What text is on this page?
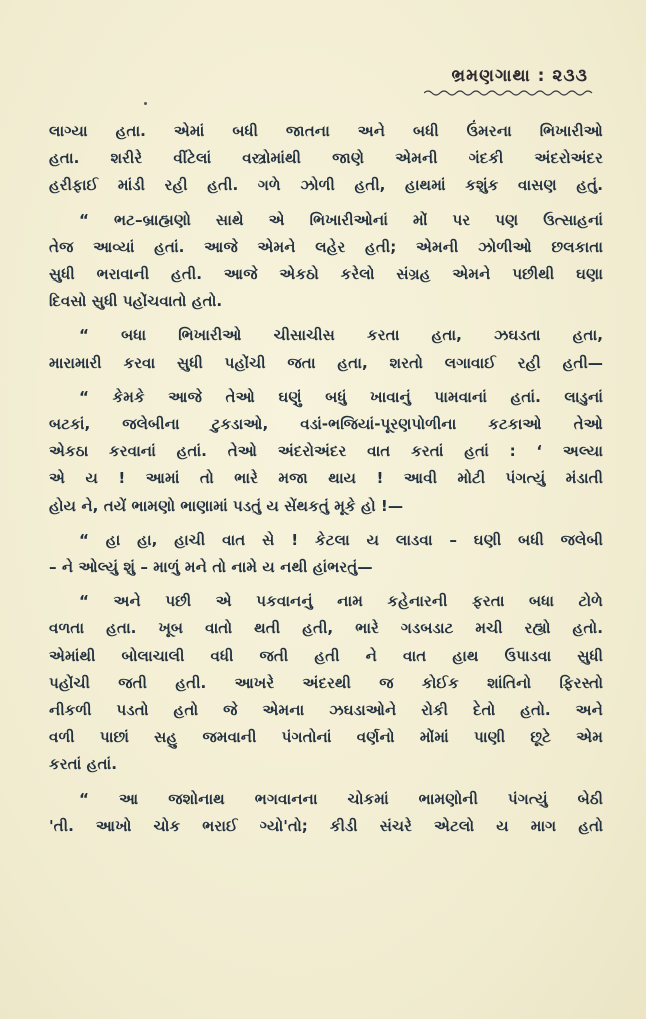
ભ્રમણગાથા : ૨૩૩
લાગ્યા હતા. એમાં બધી જાતના અને બધી ઉંમરના ભિખારીઓ
હતા. શરીરે વીંટેલાં વસ્ત્રોમાંથી જાણે એમની ગંદકી અંદરોઅંદર
હરીફાઈ માંડી રહી હતી. ગળે ઝોળી હતી, હાથમાં કશુંક વાસણ હતું.
“ ભટ–બ્રાહ્મણો સાથે એ ભિખારીઓનાં મોં પર પણ ઉત્સાહનાં
તેજ આવ્યાં હતાં. આજે એમને લહેર હતી; એમની ઝોળીઓ છલકાતા
સુધી ભરાવાની હતી. આજે એકઠો કરેલો સંગ્રહ એમને પછીથી ઘણા
દિવસો સુધી પહોંચવાતો હતો.
“ બધા ભિખારીઓ ચીસાચીસ કરતા હતા, ઝઘડતા હતા,
મારામારી કરવા સુધી પહોંચી જતા હતા, શરતો લગાવાઈ રહી હતી—
“ કેમકે આજે તેઓ ઘણું બધું ખાવાનું પામવાનાં હતાં. લાડુનાં
બટકાં, જલેબીના ટુકડાઓ, વડાં-ભજિયાં-પૂરણપોળીના કટકાઓ તેઓ
એકઠા કરવાનાં હતાં. તેઓ અંદરોઅંદર વાત કરતાં હતાં : ‘ અલ્યા
એ ય ! આમાં તો ભારે મજા થાય ! આવી મોટી પંગત્યું મંડાતી
હોય ને, તયેં ભામણો ભાણામાં પડતું ય સેંથકતું મૂકે હો !—
“ હા હા, હાચી વાત સે ! કેટલા ય લાડવા – ઘણી બધી જલેબી
– ને ઓલ્યું શું – માળું મને તો નામે ય નથી હાંભરતું—
“ અને પછી એ પકવાનનું નામ કહેનારની ફરતા બધા ટોળે
વળતા હતા. ખૂબ વાતો થતી હતી, ભારે ગડબડાટ મચી રહ્યો હતો.
એમાંથી બોલાચાલી વધી જતી હતી ને વાત હાથ ઉપાડવા સુધી
પહોંચી જતી હતી. આખરે અંદરથી જ કોઈક શાંતિનો ફિરસ્તો
નીકળી પડતો હતો જે એમના ઝઘડાઓને રોકી દેતો હતો. અને
વળી પાછાં સહુ જમવાની પંગતોનાં વર્ણનો મોંમાં પાણી છૂટે એમ
કરતાં હતાં.
“ આ જશોનાથ ભગવાનના ચોકમાં ભામણોની પંગત્યું બેઠી
'તી. આખો ચોક ભરાઈ ગ્યો'તો; કીડી સંચરે એટલો ય માગ હતો
